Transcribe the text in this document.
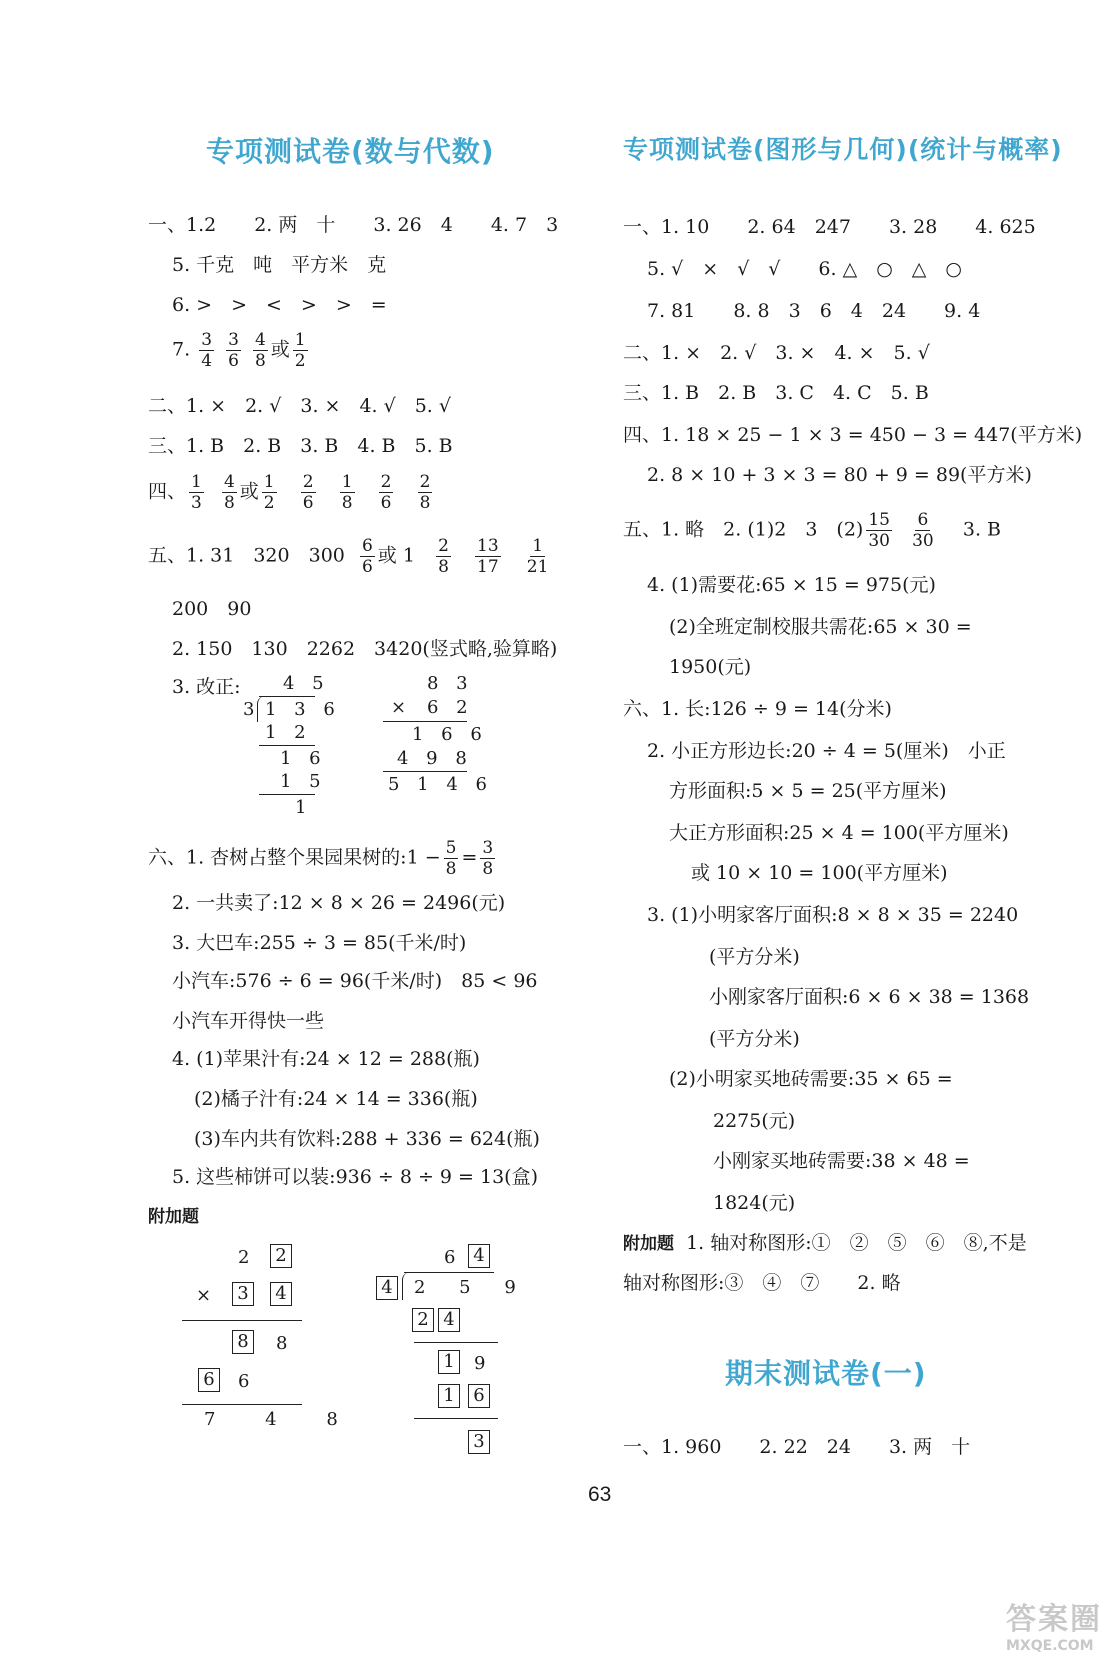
专项测试卷(数与代数)
一、1.2　　2. 两　十　　3. 26　4　　4. 7　3
5. 千克　吨　平方米　克
6. >　>　<　>　>　=
7. $\frac{3}{4}$
$\frac{3}{6}$
$\frac{4}{8}$ 或 $\frac{1}{2}$
二、1. ×　2. √　3. ×　4. √　5. √
三、1. B　2. B　3. B　4. B　5. B
四、 $\frac{1}{3}$
$\frac{4}{8}$ 或 $\frac{1}{2}$
$\frac{2}{6}$
$\frac{1}{8}$
$\frac{2}{6}$
$\frac{2}{8}$
五、1. 31　320　$300 \frac{6}{6}$ 或 $1 \frac{2}{8}$
$\frac{13}{17}$
$\frac{1}{21}$
200　90
2. 150　130　2262　3420(竖式略,验算略)
3. 改正: 4 5
3 1 3 6
1 2
1 6
1 5
1
8 3
× 6 2
1 6 6
4 9 8
5 1 4 6
六、1. 杏树占整个果园果树的:1 − $\frac{5}{8} = \frac{3}{8}$
2. 一共卖了:12 × 8 × 26 = 2496(元)
3. 大巴车:255 ÷ 3 = 85(千米/时)
小汽车:576 ÷ 6 = 96(千米/时)　85 < 96
小汽车开得快一些
4. (1)苹果汁有:24 × 12 = 288(瓶)
(2)橘子汁有:24 × 14 = 336(瓶)
(3)车内共有饮料:288 + 336 = 624(瓶)
5. 这些柿饼可以装:936 ÷ 8 ÷ 9 = 13(盒)
附加题
2 2
× 3 4
8 8
6 6
7 4 8
6 4
4 2 5 9
2 4
1 9
1 6
3
专项测试卷(图形与几何)(统计与概率)
一、1. 10　　2. 64　247　　3. 28　　4. 625
5. √　×　√　√　　6. △　○　△　○
7. 81　　8. 8　3　6　4　24　　9. 4
二、1. ×　2. √　3. ×　4. ×　5. √
三、1. B　2. B　3. C　4. C　5. B
四、1. 18 × 25 − 1 × 3 = 450 − 3 = 447(平方米)
2. 8 × 10 + 3 × 3 = 80 + 9 = 89(平方米)
五、1. 略　2. (1)2　3　$(2) \frac{15}{30}$
$\frac{6}{30} 3$. B
4. (1)需要花:65 × 15 = 975(元)
(2)全班定制校服共需花:65 × 30 =
1950(元)
六、1. 长:126 ÷ 9 = 14(分米)
2. 小正方形边长:20 ÷ 4 = 5(厘米)　小正
方形面积:5 × 5 = 25(平方厘米)
大正方形面积:25 × 4 = 100(平方厘米)
或 10 × 10 = 100(平方厘米)
3. (1)小明家客厅面积:8 × 8 × 35 = 2240
(平方分米)
小刚家客厅面积:6 × 6 × 38 = 1368
(平方分米)
(2)小明家买地砖需要:35 × 65 =
2275(元)
小刚家买地砖需要:38 × 48 =
1824(元)
附加题 1. 轴对称图形:①　②　⑤　⑥　⑧,不是
轴对称图形:③　④　⑦　　2. 略
期末测试卷(一)
一、1. 960　　2. 22　24　　3. 两　十
63
答案圈
MXQE.COM
